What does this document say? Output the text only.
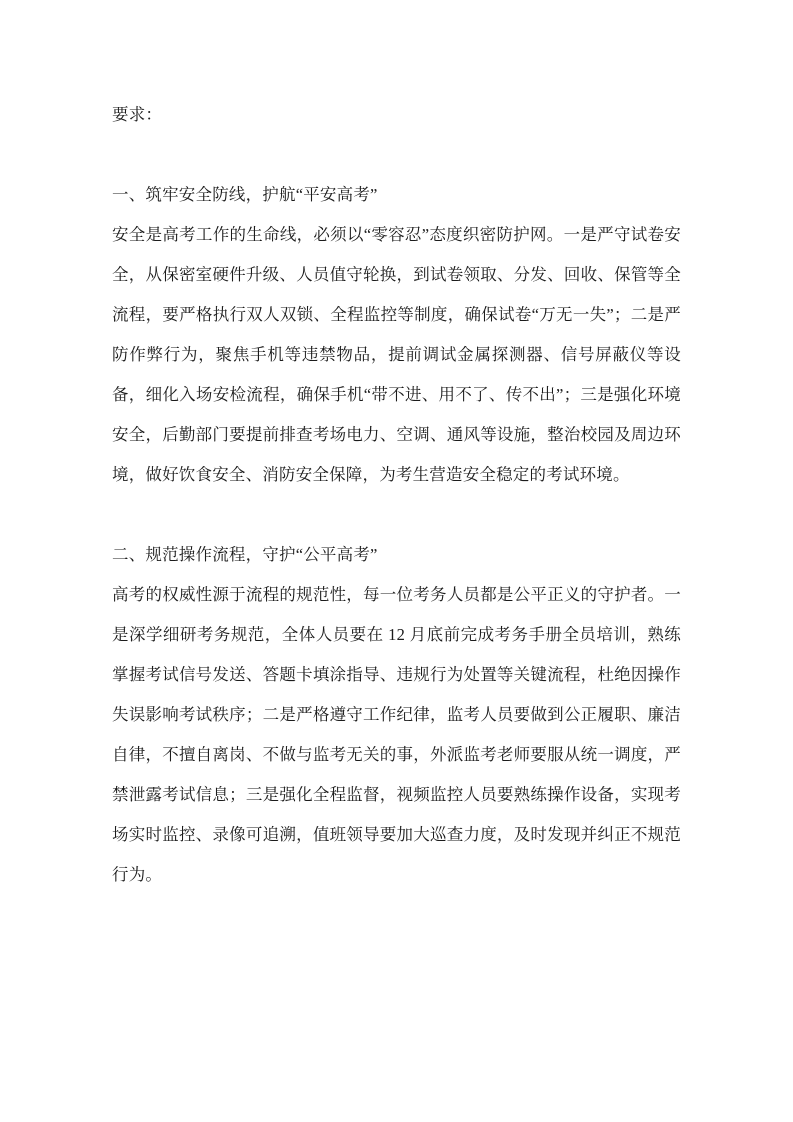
要求：

一、筑牢安全防线，护航“平安高考”

安全是高考工作的生命线，必须以“零容忍”态度织密防护网。一是严守试卷安全，从保密室硬件升级、人员值守轮换，到试卷领取、分发、回收、保管等全流程，要严格执行双人双锁、全程监控等制度，确保试卷“万无一失”；二是严防作弊行为，聚焦手机等违禁物品，提前调试金属探测器、信号屏蔽仪等设备，细化入场安检流程，确保手机“带不进、用不了、传不出”；三是强化环境安全，后勤部门要提前排查考场电力、空调、通风等设施，整治校园及周边环境，做好饮食安全、消防安全保障，为考生营造安全稳定的考试环境。

二、规范操作流程，守护“公平高考”

高考的权威性源于流程的规范性，每一位考务人员都是公平正义的守护者。一是深学细研考务规范，全体人员要在 12 月底前完成考务手册全员培训，熟练掌握考试信号发送、答题卡填涂指导、违规行为处置等关键流程，杜绝因操作失误影响考试秩序；二是严格遵守工作纪律，监考人员要做到公正履职、廉洁自律，不擅自离岗、不做与监考无关的事，外派监考老师要服从统一调度，严禁泄露考试信息；三是强化全程监督，视频监控人员要熟练操作设备，实现考场实时监控、录像可追溯，值班领导要加大巡查力度，及时发现并纠正不规范行为。
